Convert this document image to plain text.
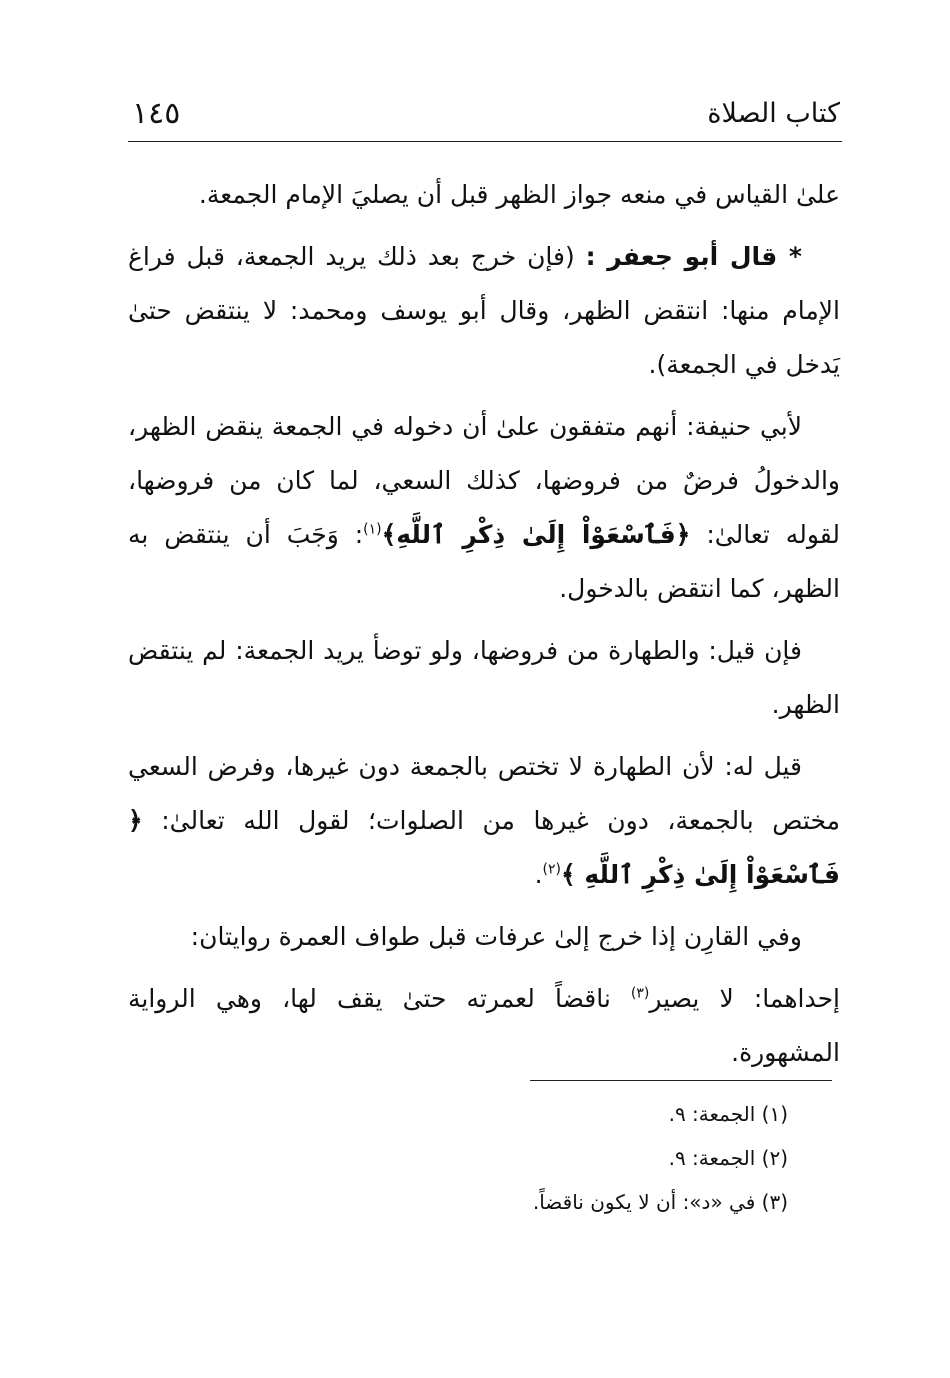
كتاب الصلاة
١٤٥

علىٰ القياس في منعه جواز الظهر قبل أن يصليَ الإمام الجمعة.

* قال أبو جعفر : (فإن خرج بعد ذلك يريد الجمعة، قبل فراغ الإمام منها: انتقض الظهر، وقال أبو يوسف ومحمد: لا ينتقض حتىٰ يَدخل في الجمعة).

لأبي حنيفة: أنهم متفقون علىٰ أن دخوله في الجمعة ينقض الظهر، والدخولُ فرضٌ من فروضها، كذلك السعي، لما كان من فروضها، لقوله تعالىٰ: ﴿فَٱسْعَوْاْ إِلَىٰ ذِكْرِ ٱللَّهِ﴾$^{(١)}$: وَجَبَ أن ينتقض به الظهر، كما انتقض بالدخول.

فإن قيل: والطهارة من فروضها، ولو توضأ يريد الجمعة: لم ينتقض الظهر.

قيل له: لأن الطهارة لا تختص بالجمعة دون غيرها، وفرض السعي مختص بالجمعة، دون غيرها من الصلوات؛ لقول الله تعالىٰ: ﴿ فَٱسْعَوْاْ إِلَىٰ ذِكْرِ ٱللَّهِ ﴾$^{(٢)}$.

وفي القارِن إذا خرج إلىٰ عرفات قبل طواف العمرة روايتان:

إحداهما: لا يصير$^{(٣)}$ ناقضاً لعمرته حتىٰ يقف لها، وهي الرواية المشهورة.

(١) الجمعة: ٩.

(٢) الجمعة: ٩.

(٣) في «د»: أن لا يكون ناقضاً.
